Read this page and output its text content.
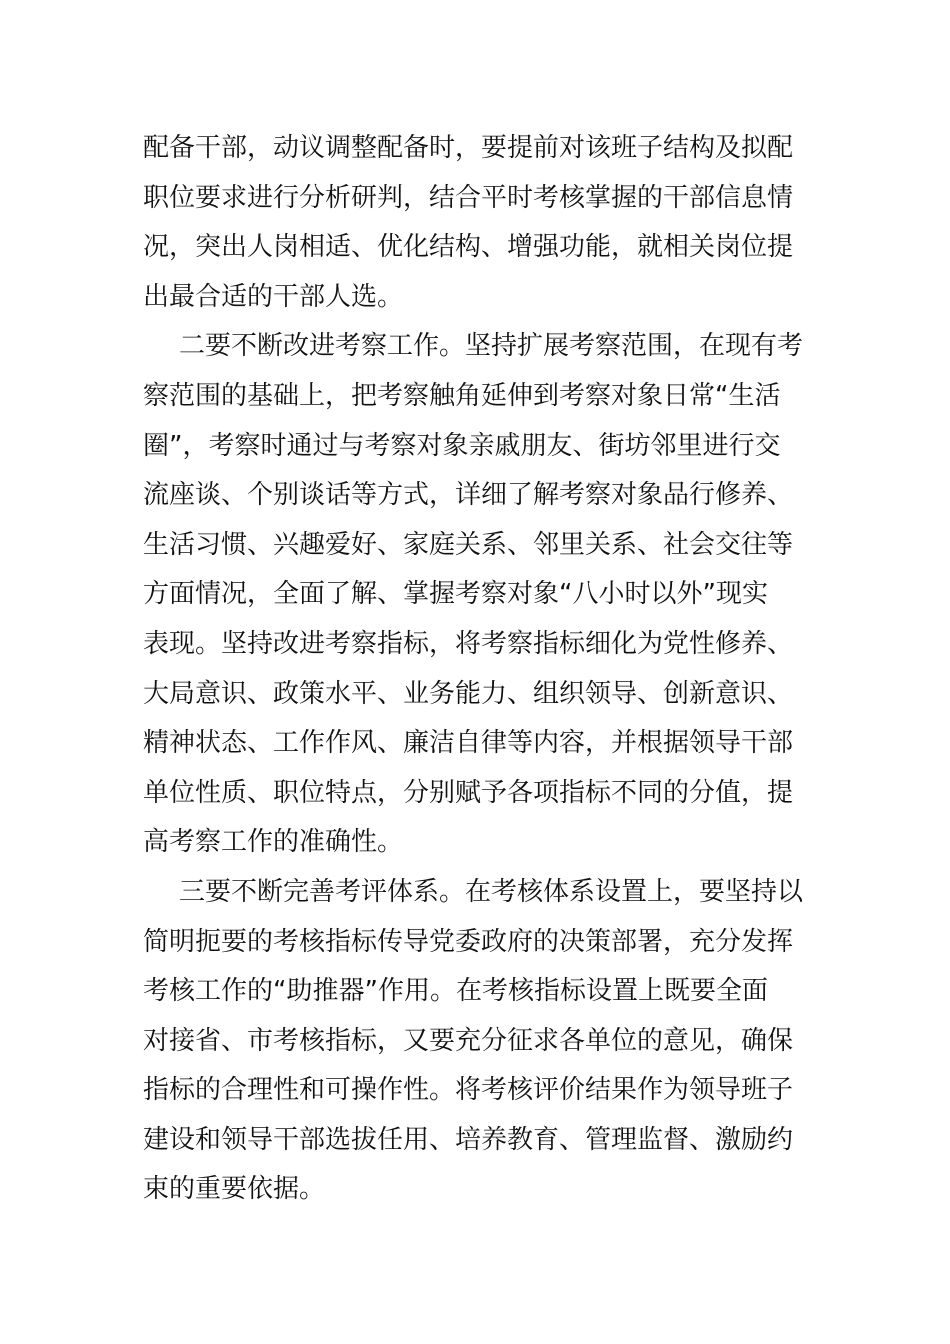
配备干部，动议调整配备时，要提前对该班子结构及拟配
职位要求进行分析研判，结合平时考核掌握的干部信息情
况，突出人岗相适、优化结构、增强功能，就相关岗位提
出最合适的干部人选。
二要不断改进考察工作。坚持扩展考察范围，在现有考
察范围的基础上，把考察触角延伸到考察对象日常“生活
圈”，考察时通过与考察对象亲戚朋友、街坊邻里进行交
流座谈、个别谈话等方式，详细了解考察对象品行修养、
生活习惯、兴趣爱好、家庭关系、邻里关系、社会交往等
方面情况，全面了解、掌握考察对象“八小时以外”现实
表现。坚持改进考察指标，将考察指标细化为党性修养、
大局意识、政策水平、业务能力、组织领导、创新意识、
精神状态、工作作风、廉洁自律等内容，并根据领导干部
单位性质、职位特点，分别赋予各项指标不同的分值，提
高考察工作的准确性。
三要不断完善考评体系。在考核体系设置上，要坚持以
简明扼要的考核指标传导党委政府的决策部署，充分发挥
考核工作的“助推器”作用。在考核指标设置上既要全面
对接省、市考核指标，又要充分征求各单位的意见，确保
指标的合理性和可操作性。将考核评价结果作为领导班子
建设和领导干部选拔任用、培养教育、管理监督、激励约
束的重要依据。
